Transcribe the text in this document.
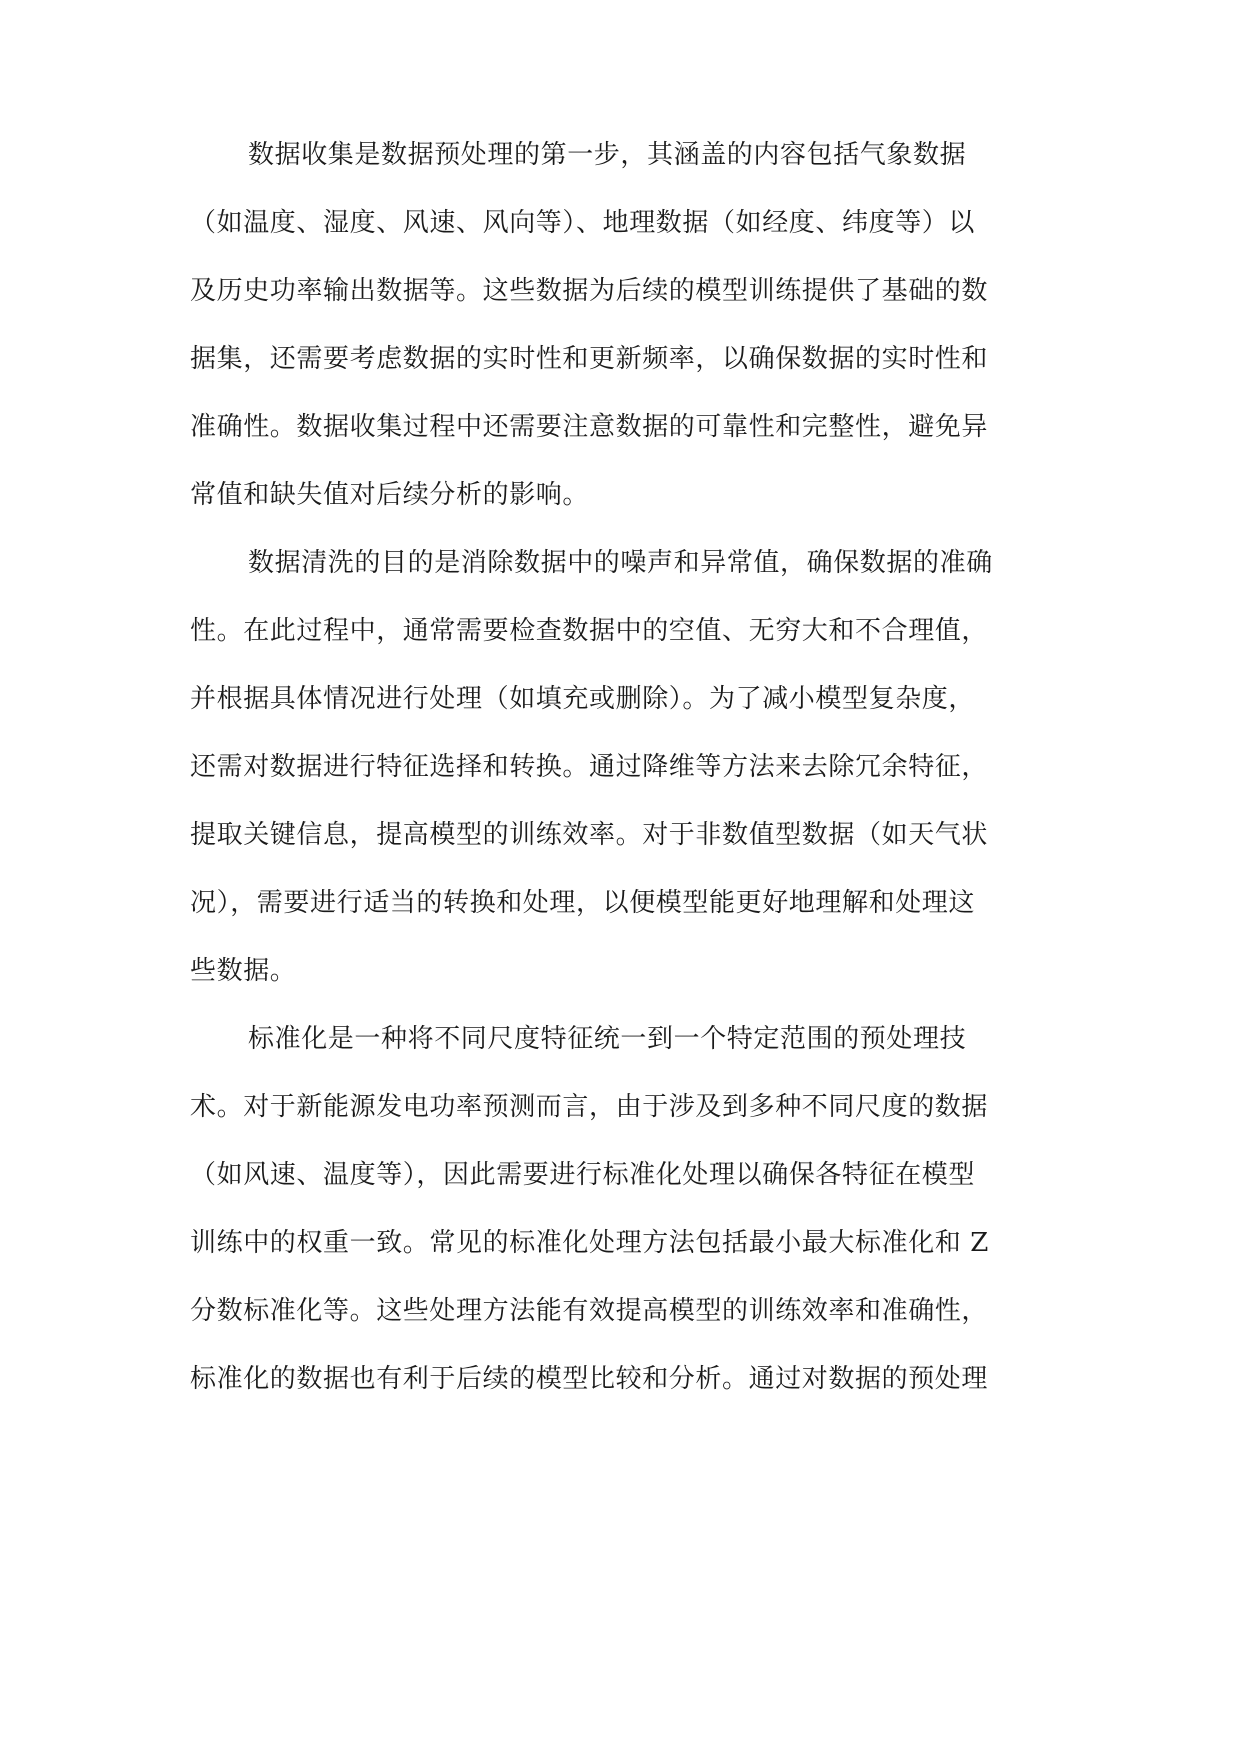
数据收集是数据预处理的第一步，其涵盖的内容包括气象数据
（如温度、湿度、风速、风向等）、地理数据（如经度、纬度等）以
及历史功率输出数据等。这些数据为后续的模型训练提供了基础的数
据集，还需要考虑数据的实时性和更新频率，以确保数据的实时性和
准确性。数据收集过程中还需要注意数据的可靠性和完整性，避免异
常值和缺失值对后续分析的影响。
数据清洗的目的是消除数据中的噪声和异常值，确保数据的准确
性。在此过程中，通常需要检查数据中的空值、无穷大和不合理值，
并根据具体情况进行处理（如填充或删除）。为了减小模型复杂度，
还需对数据进行特征选择和转换。通过降维等方法来去除冗余特征，
提取关键信息，提高模型的训练效率。对于非数值型数据（如天气状
况），需要进行适当的转换和处理，以便模型能更好地理解和处理这
些数据。
标准化是一种将不同尺度特征统一到一个特定范围的预处理技
术。对于新能源发电功率预测而言，由于涉及到多种不同尺度的数据
（如风速、温度等），因此需要进行标准化处理以确保各特征在模型
训练中的权重一致。常见的标准化处理方法包括最小最大标准化和 Z
分数标准化等。这些处理方法能有效提高模型的训练效率和准确性，
标准化的数据也有利于后续的模型比较和分析。通过对数据的预处理
